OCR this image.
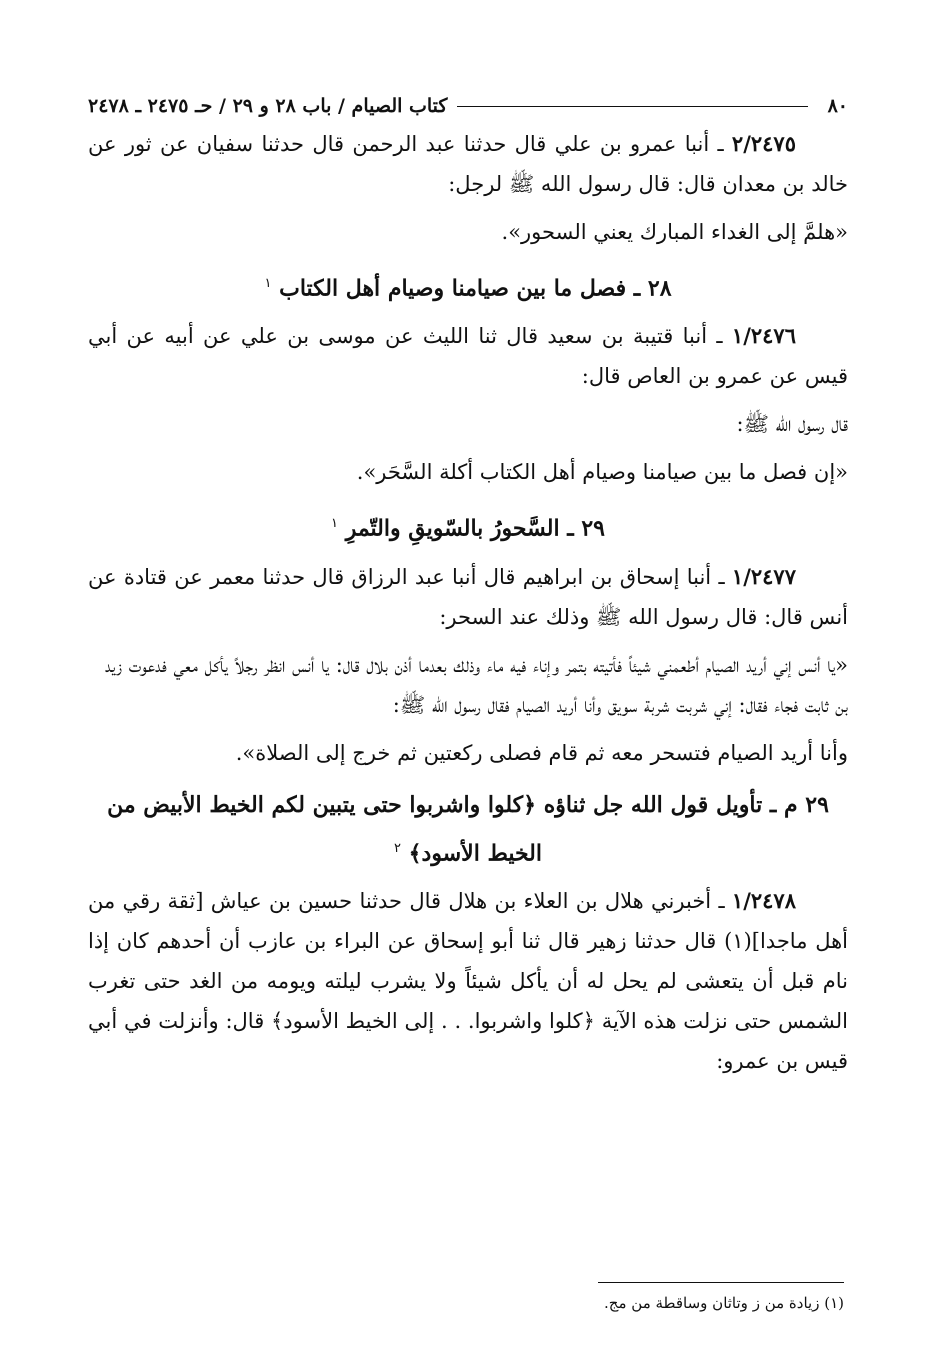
٨٠
كتاب الصيام / باب ٢٨ و ٢٩ / حـ ٢٤٧٥ ـ ٢٤٧٨

٢/٢٤٧٥ ـ أنبا عمرو بن علي قال حدثنا عبد الرحمن قال حدثنا سفيان عن ثور عن خالد بن معدان قال: قال رسول الله ﷺ لرجل:

«هلمَّ إلى الغداء المبارك يعني السحور».

٢٨ ـ فصل ما بين صيامنا وصيام أهل الكتاب $^١$

١/٢٤٧٦ ـ أنبا قتيبة بن سعيد قال ثنا الليث عن موسى بن علي عن أبيه عن أبي قيس عن عمرو بن العاص قال:

قال رسول الله ﷺ:

«إن فصل ما بين صيامنا وصيام أهل الكتاب أكلة السَّحَر».

٢٩ ـ السَّحورُ بالسّويقِ والتّمرِ $^١$

١/٢٤٧٧ ـ أنبا إسحاق بن ابراهيم قال أنبا عبد الرزاق قال حدثنا معمر عن قتادة عن أنس قال: قال رسول الله ﷺ وذلك عند السحر:

«يا أنس إني أريد الصيام أطعمني شيئاً فأتيته بتمر وإناء فيه ماء وذلك بعدما أذن بلال قال: يا أنس انظر رجلاً يأكل معي فدعوت زيد بن ثابت فجاء فقال: إني شربت شربة سويق وأنا أريد الصيام فقال رسول الله ﷺ:

وأنا أريد الصيام فتسحر معه ثم قام فصلى ركعتين ثم خرج إلى الصلاة».

٢٩ م ـ تأويل قول الله جل ثناؤه ﴿كلوا واشربوا حتى يتبين لكم الخيط الأبيض من الخيط الأسود﴾ $^٢$

١/٢٤٧٨ ـ أخبرني هلال بن العلاء بن هلال قال حدثنا حسين بن عياش [ثقة رقي من أهل ماجدا](١) قال حدثنا زهير قال ثنا أبو إسحاق عن البراء بن عازب أن أحدهم كان إذا نام قبل أن يتعشى لم يحل له أن يأكل شيئاً ولا يشرب ليلته ويومه من الغد حتى تغرب الشمس حتى نزلت هذه الآية ﴿كلوا واشربوا. . . إلى الخيط الأسود﴾ قال: وأنزلت في أبي قيس بن عمرو:

(١) زيادة من ز وتاثان وساقطة من مج.
